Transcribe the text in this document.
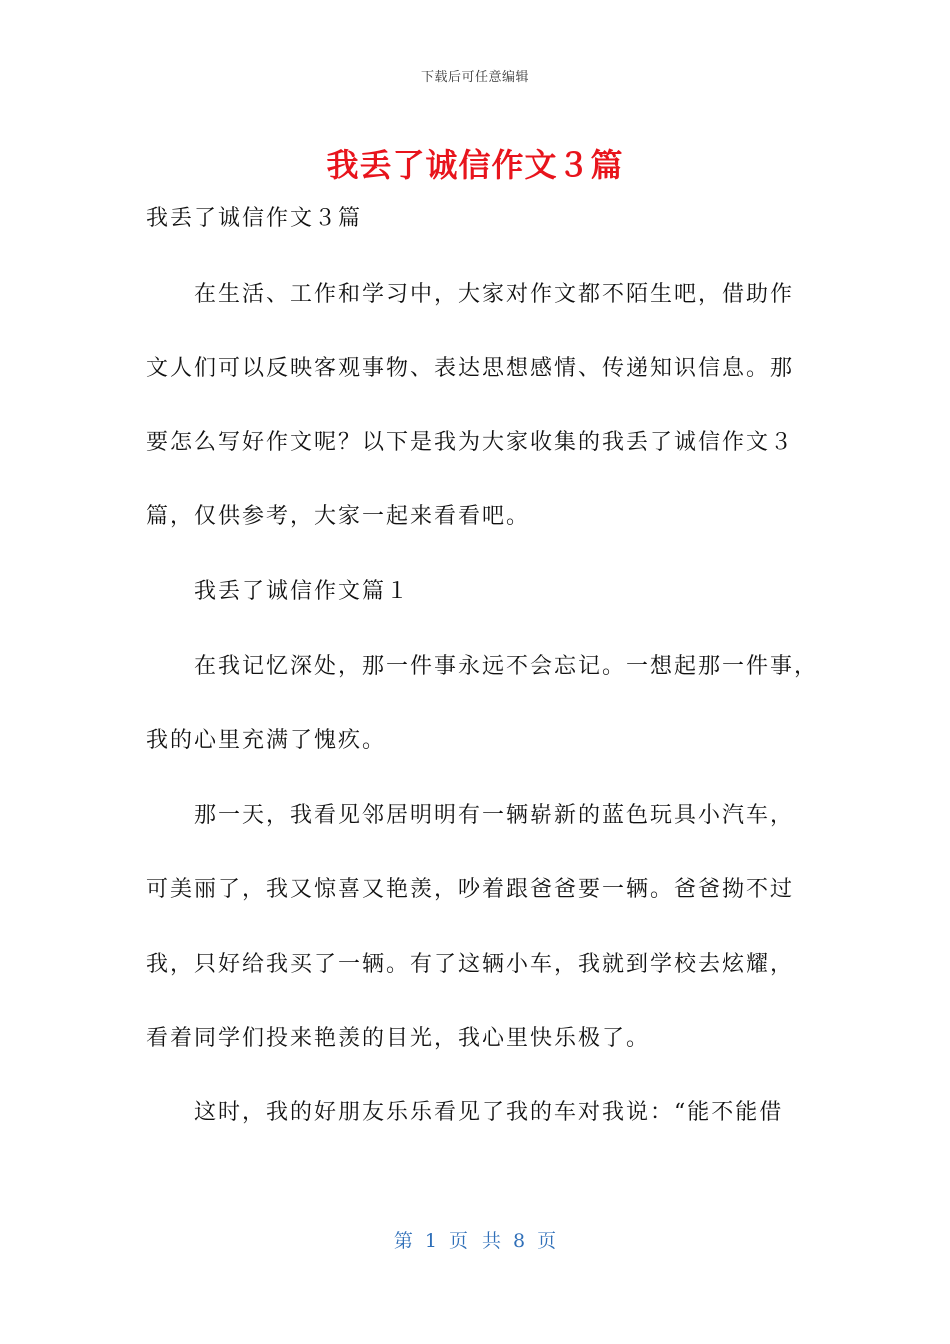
下载后可任意编辑
我丢了诚信作文３篇
我丢了诚信作文３篇
在生活、工作和学习中，大家对作文都不陌生吧，借助作
文人们可以反映客观事物、表达思想感情、传递知识信息。那
要怎么写好作文呢？以下是我为大家收集的我丢了诚信作文３
篇，仅供参考，大家一起来看看吧。
我丢了诚信作文篇１
在我记忆深处，那一件事永远不会忘记。一想起那一件事，
我的心里充满了愧疚。
那一天，我看见邻居明明有一辆崭新的蓝色玩具小汽车，
可美丽了，我又惊喜又艳羡，吵着跟爸爸要一辆。爸爸拗不过
我，只好给我买了一辆。有了这辆小车，我就到学校去炫耀，
看着同学们投来艳羡的目光，我心里快乐极了。
这时，我的好朋友乐乐看见了我的车对我说：“能不能借
第 1 页 共 8 页
